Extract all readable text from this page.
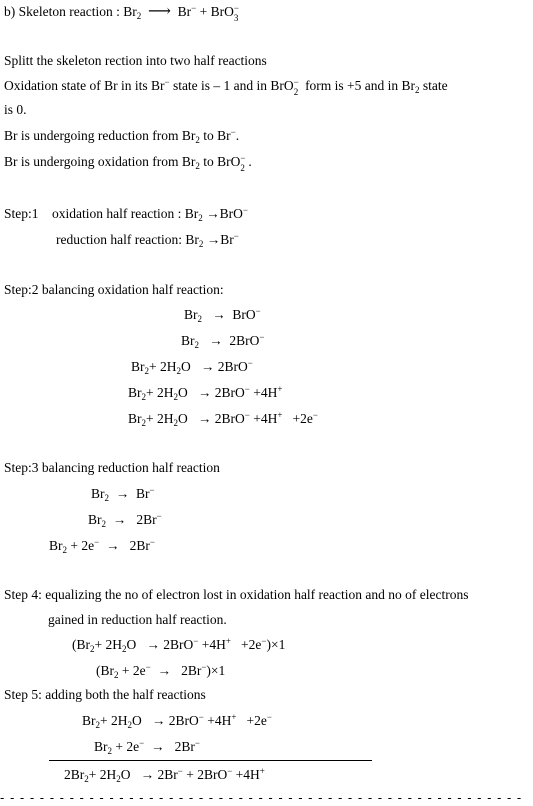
b) Skeleton reaction : $Br_2$ ⟶ Br− + BrO −
3
Splitt the skeleton rection into two half reactions
Oxidation state of Br in its Br− state is – 1 and in BrO −
2 form is +5 and in $Br_2$ state
is 0.
Br is undergoing reduction from $Br_2$ to Br−.
Br is undergoing oxidation from $Br_2$ to BrO −
2 .
Step:1 oxidation half reaction : $Br_2 \to BrO^-$
reduction half reaction: $Br_2 \to Br^-$
Step:2 balancing oxidation half reaction:
$Br_2 \to BrO^-$
$Br_2 \to 2BrO^-$
$Br_2+ 2H_2O \to 2BrO^-$
$Br_2+ 2H_2O \to 2BrO^- +4H^+$
$Br_2+ 2H_2O \to 2BrO^- +4H^+ +2e^-$
Step:3 balancing reduction half reaction
$Br_2 \to Br^-$
$Br_2 \to 2Br^-$
$Br_2 + 2e^- \to 2Br^-$
Step 4: equalizing the no of electron lost in oxidation half reaction and no of electrons
gained in reduction half reaction.
$(Br_2+ 2H_2O \to 2BrO^- +4H^+ +2e^-)\times 1$
$(Br_2 + 2e^- \to 2Br^-)\times 1$
Step 5: adding both the half reactions
$Br_2+ 2H_2O \to 2BrO^- +4H^+ +2e^-$
$Br_2 + 2e^- \to 2Br^-$
$2Br_2+ 2H_2O \to 2Br^- + 2BrO^- +4H^+$
- - - - - - - - - - - - - - - - - - - - - - - - - - - - - - - - - - - - - - - - - - - - - - - - - - - - -
